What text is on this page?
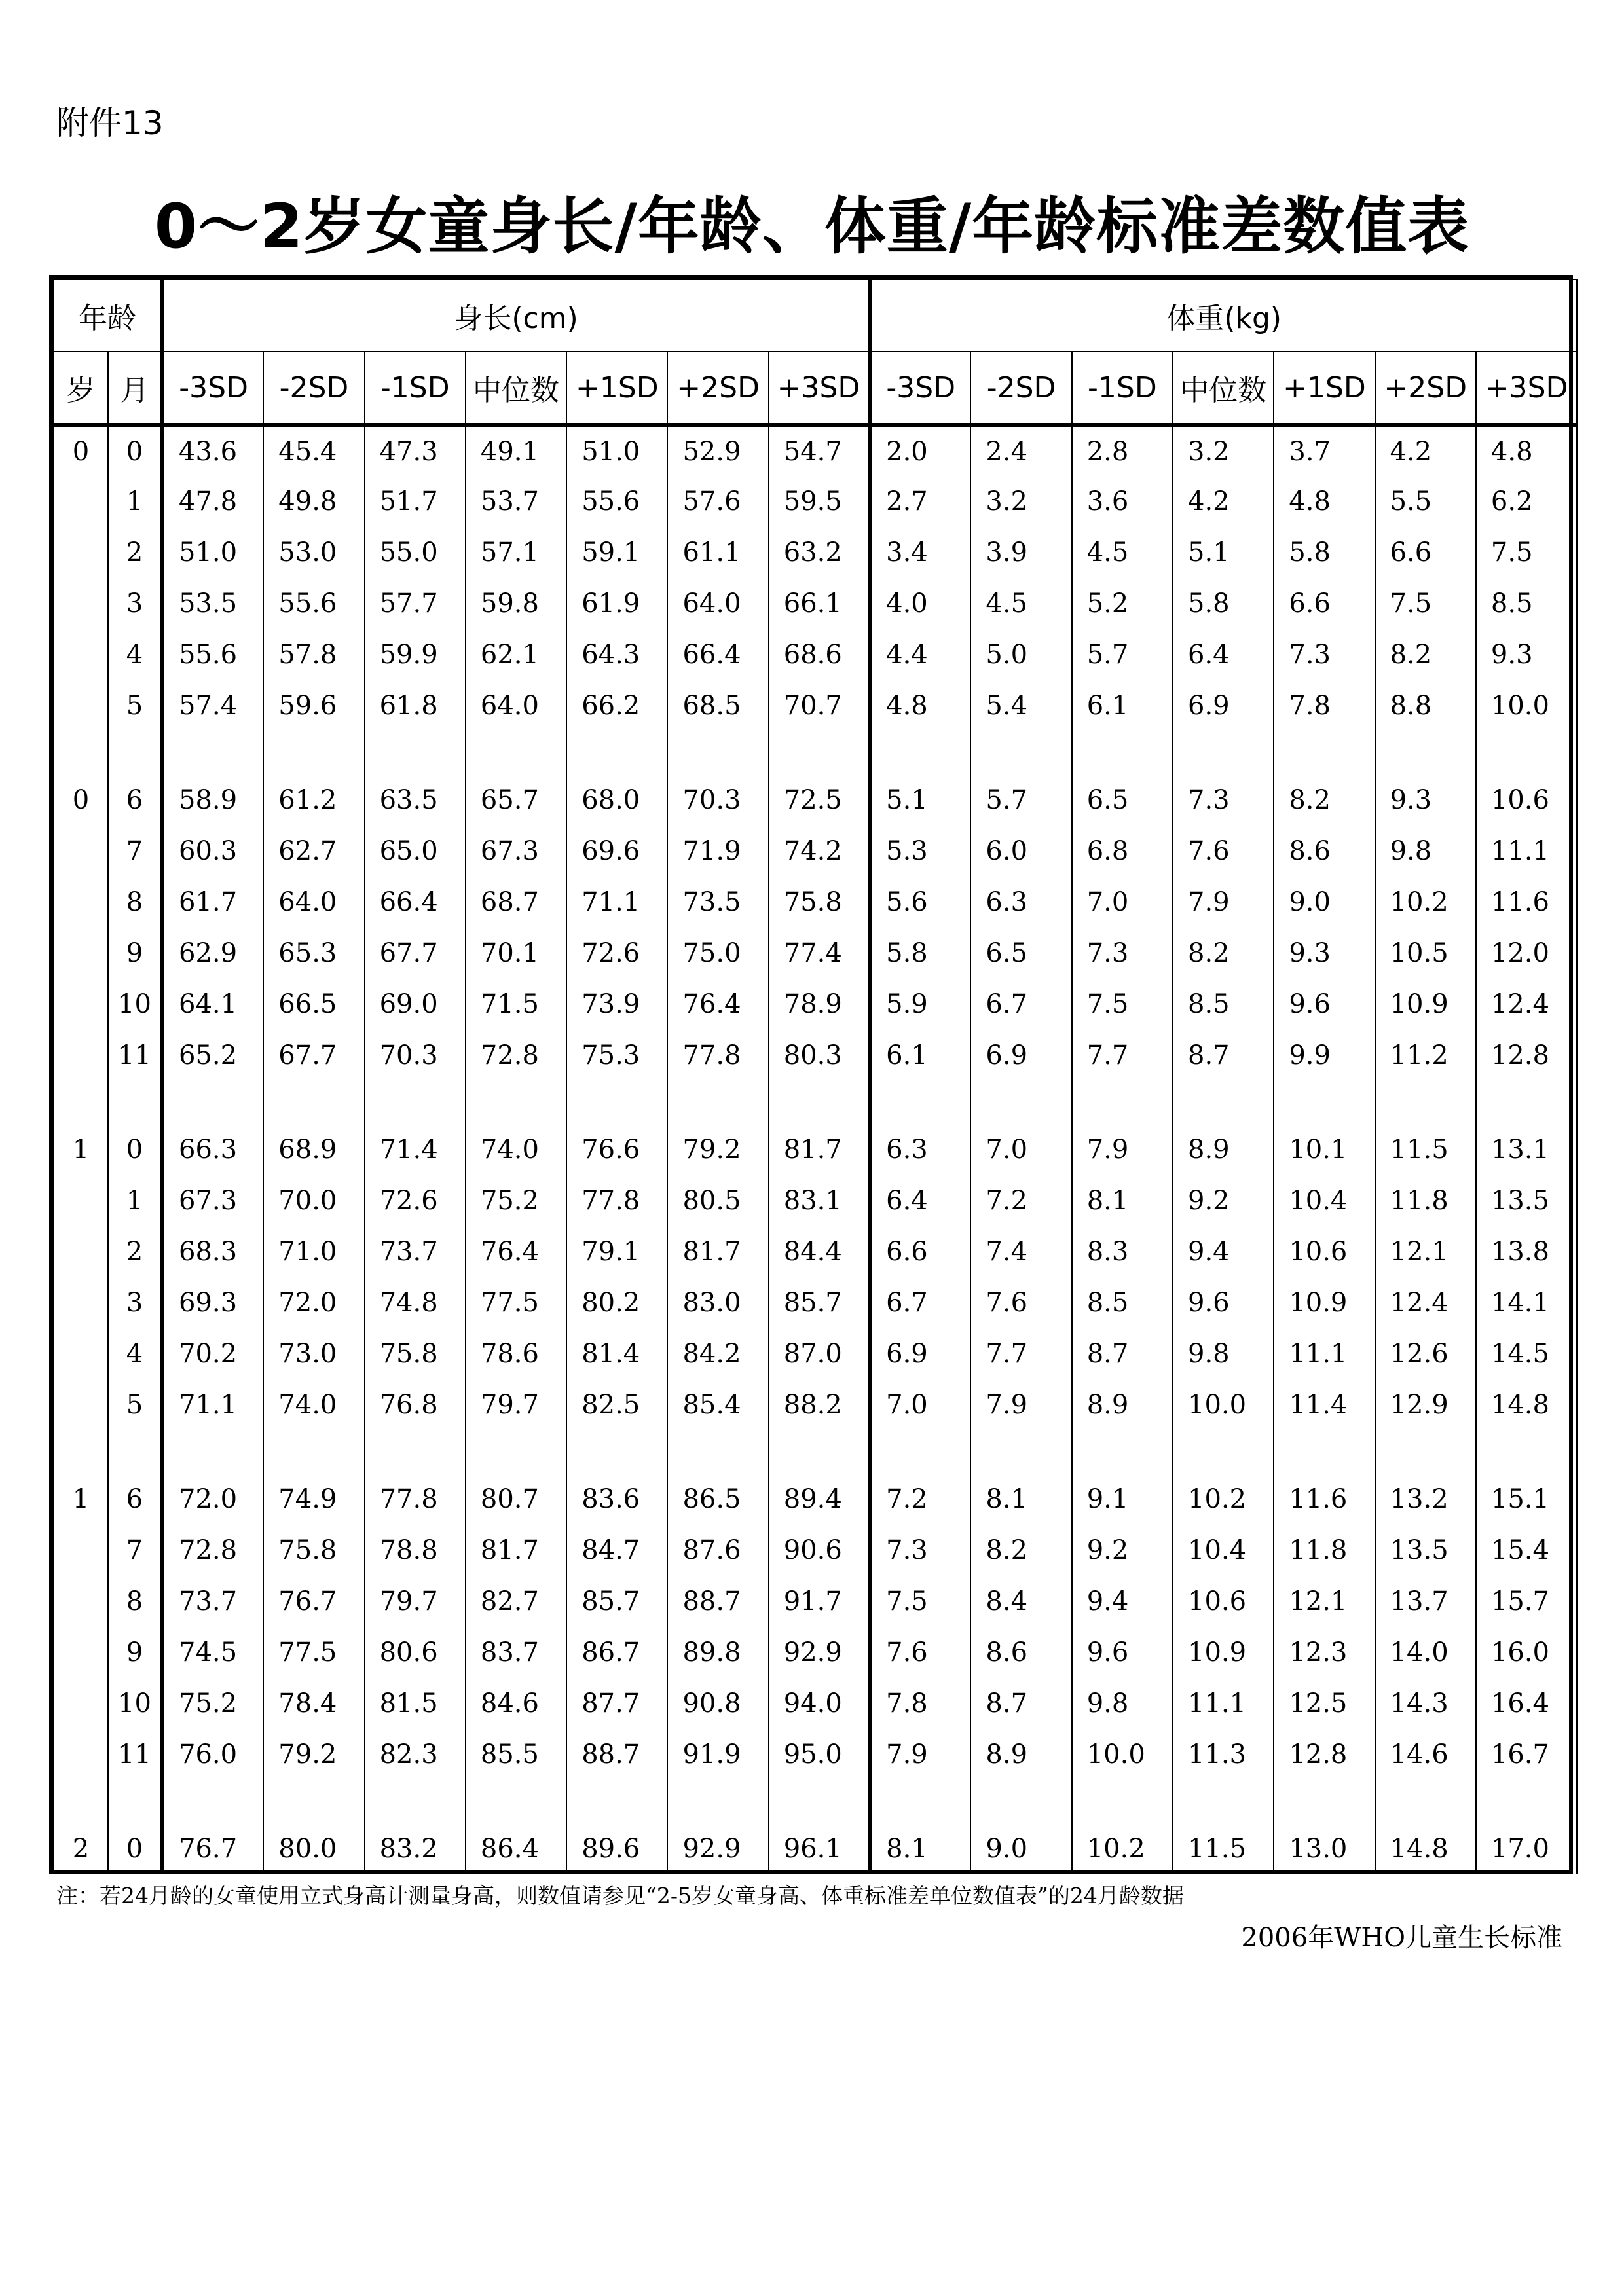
附件13
0～2岁女童身长/年龄、体重/年龄标准差数值表
年龄		身长(cm)							体重(kg)						
岁	月	-3SD	-2SD	-1SD	中位数	+1SD	+2SD	+3SD	-3SD	-2SD	-1SD	中位数	+1SD	+2SD	+3SD
0	0	43.6	45.4	47.3	49.1	51.0	52.9	54.7	2.0	2.4	2.8	3.2	3.7	4.2	4.8
	1	47.8	49.8	51.7	53.7	55.6	57.6	59.5	2.7	3.2	3.6	4.2	4.8	5.5	6.2
	2	51.0	53.0	55.0	57.1	59.1	61.1	63.2	3.4	3.9	4.5	5.1	5.8	6.6	7.5
	3	53.5	55.6	57.7	59.8	61.9	64.0	66.1	4.0	4.5	5.2	5.8	6.6	7.5	8.5
	4	55.6	57.8	59.9	62.1	64.3	66.4	68.6	4.4	5.0	5.7	6.4	7.3	8.2	9.3
	5	57.4	59.6	61.8	64.0	66.2	68.5	70.7	4.8	5.4	6.1	6.9	7.8	8.8	10.0

0	6	58.9	61.2	63.5	65.7	68.0	70.3	72.5	5.1	5.7	6.5	7.3	8.2	9.3	10.6
	7	60.3	62.7	65.0	67.3	69.6	71.9	74.2	5.3	6.0	6.8	7.6	8.6	9.8	11.1
	8	61.7	64.0	66.4	68.7	71.1	73.5	75.8	5.6	6.3	7.0	7.9	9.0	10.2	11.6
	9	62.9	65.3	67.7	70.1	72.6	75.0	77.4	5.8	6.5	7.3	8.2	9.3	10.5	12.0
	10	64.1	66.5	69.0	71.5	73.9	76.4	78.9	5.9	6.7	7.5	8.5	9.6	10.9	12.4
	11	65.2	67.7	70.3	72.8	75.3	77.8	80.3	6.1	6.9	7.7	8.7	9.9	11.2	12.8

1	0	66.3	68.9	71.4	74.0	76.6	79.2	81.7	6.3	7.0	7.9	8.9	10.1	11.5	13.1
	1	67.3	70.0	72.6	75.2	77.8	80.5	83.1	6.4	7.2	8.1	9.2	10.4	11.8	13.5
	2	68.3	71.0	73.7	76.4	79.1	81.7	84.4	6.6	7.4	8.3	9.4	10.6	12.1	13.8
	3	69.3	72.0	74.8	77.5	80.2	83.0	85.7	6.7	7.6	8.5	9.6	10.9	12.4	14.1
	4	70.2	73.0	75.8	78.6	81.4	84.2	87.0	6.9	7.7	8.7	9.8	11.1	12.6	14.5
	5	71.1	74.0	76.8	79.7	82.5	85.4	88.2	7.0	7.9	8.9	10.0	11.4	12.9	14.8

1	6	72.0	74.9	77.8	80.7	83.6	86.5	89.4	7.2	8.1	9.1	10.2	11.6	13.2	15.1
	7	72.8	75.8	78.8	81.7	84.7	87.6	90.6	7.3	8.2	9.2	10.4	11.8	13.5	15.4
	8	73.7	76.7	79.7	82.7	85.7	88.7	91.7	7.5	8.4	9.4	10.6	12.1	13.7	15.7
	9	74.5	77.5	80.6	83.7	86.7	89.8	92.9	7.6	8.6	9.6	10.9	12.3	14.0	16.0
	10	75.2	78.4	81.5	84.6	87.7	90.8	94.0	7.8	8.7	9.8	11.1	12.5	14.3	16.4
	11	76.0	79.2	82.3	85.5	88.7	91.9	95.0	7.9	8.9	10.0	11.3	12.8	14.6	16.7

2	0	76.7	80.0	83.2	86.4	89.6	92.9	96.1	8.1	9.0	10.2	11.5	13.0	14.8	17.0
注：若24月龄的女童使用立式身高计测量身高，则数值请参见“2-5岁女童身高、体重标准差单位数值表”的24月龄数据
2006年WHO儿童生长标准
